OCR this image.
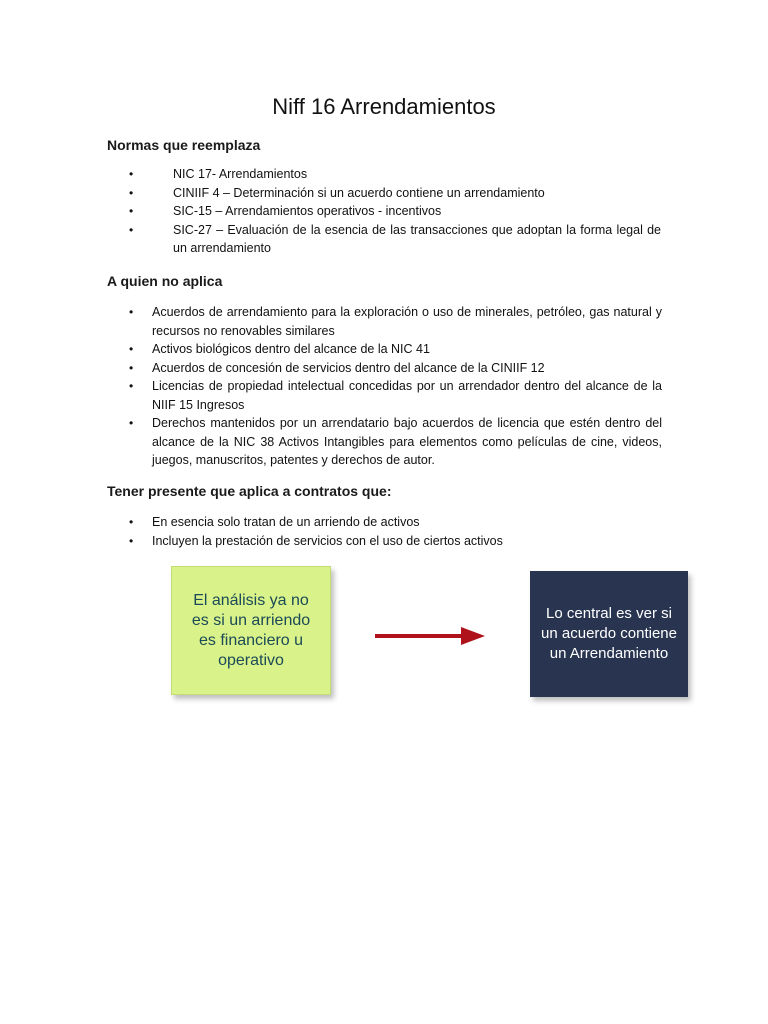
Niff 16 Arrendamientos
Normas que reemplaza
•	NIC 17- Arrendamientos
•	CINIIF 4 – Determinación si un acuerdo contiene un arrendamiento
•	SIC-15 – Arrendamientos operativos - incentivos
•	SIC-27 – Evaluación de la esencia de las transacciones que adoptan la forma legal de un arrendamiento
A quien no aplica
• Acuerdos de arrendamiento para la exploración o uso de minerales, petróleo, gas natural y recursos no renovables similares
• Activos biológicos dentro del alcance de la NIC 41
• Acuerdos de concesión de servicios dentro del alcance de la CINIIF 12
• Licencias de propiedad intelectual concedidas por un arrendador dentro del alcance de la NIIF 15 Ingresos
• Derechos mantenidos por un arrendatario bajo acuerdos de licencia que estén dentro del alcance de la NIC 38 Activos Intangibles para elementos como películas de cine, videos, juegos, manuscritos, patentes y derechos de autor.
Tener presente que aplica a contratos que:
• En esencia solo tratan de un arriendo de activos
• Incluyen la prestación de servicios con el uso de ciertos activos
El análisis ya no es si un arriendo es financiero u operativo
Lo central es ver si un acuerdo contiene un Arrendamiento
